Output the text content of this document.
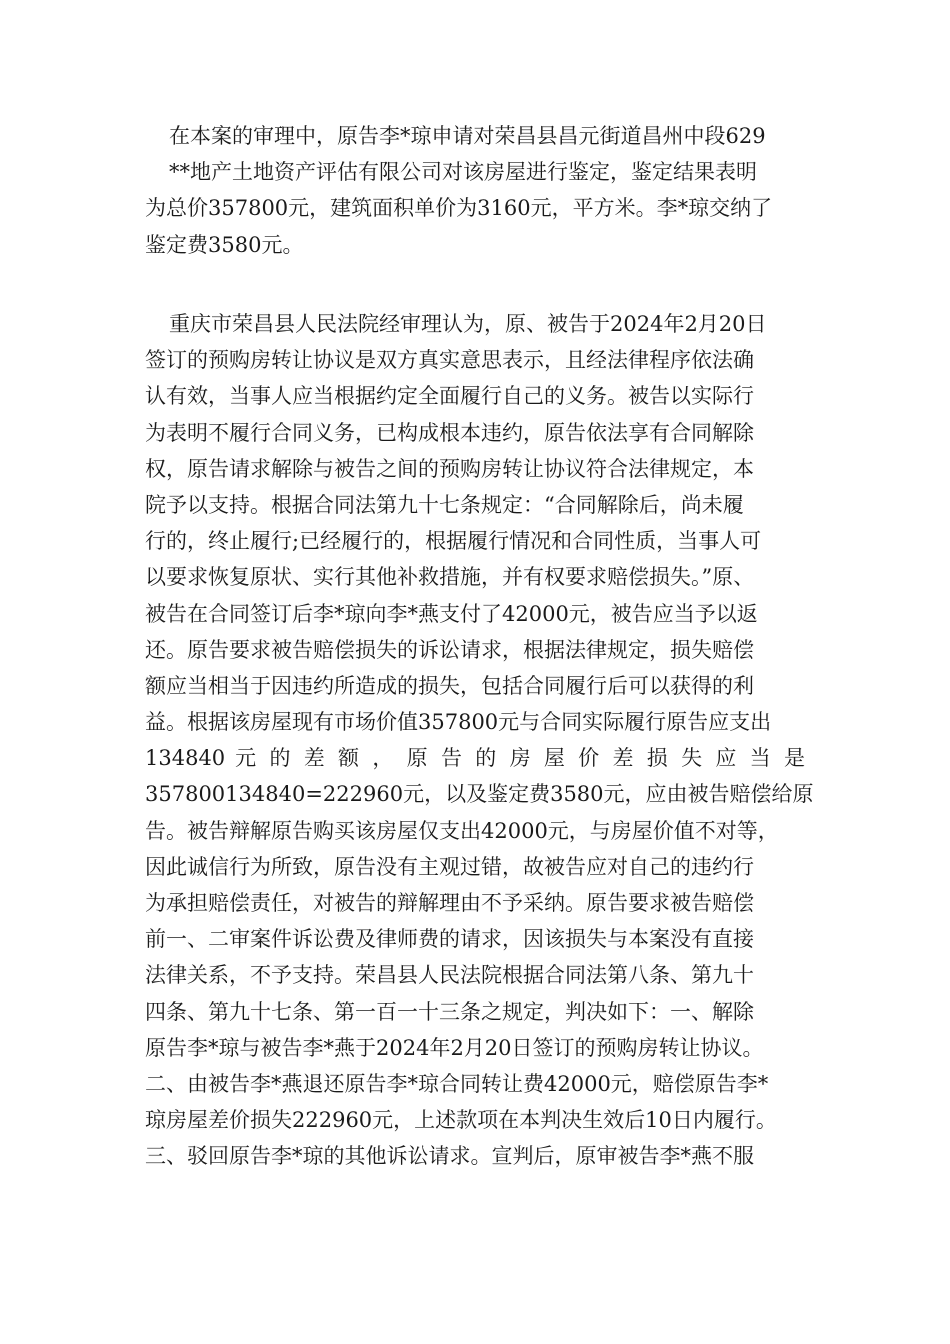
在本案的审理中，原告李*琼申请对荣昌县昌元街道昌州中段629
**地产土地资产评估有限公司对该房屋进行鉴定，鉴定结果表明
为总价357800元，建筑面积单价为3160元，平方米。李*琼交纳了
鉴定费3580元。
重庆市荣昌县人民法院经审理认为，原、被告于2024年2月20日
签订的预购房转让协议是双方真实意思表示，且经法律程序依法确
认有效，当事人应当根据约定全面履行自己的义务。被告以实际行
为表明不履行合同义务，已构成根本违约，原告依法享有合同解除
权，原告请求解除与被告之间的预购房转让协议符合法律规定，本
院予以支持。根据合同法第九十七条规定：“合同解除后，尚未履
行的，终止履行;已经履行的，根据履行情况和合同性质，当事人可
以要求恢复原状、实行其他补救措施，并有权要求赔偿损失。”原、
被告在合同签订后李*琼向李*燕支付了42000元，被告应当予以返
还。原告要求被告赔偿损失的诉讼请求，根据法律规定，损失赔偿
额应当相当于因违约所造成的损失，包括合同履行后可以获得的利
益。根据该房屋现有市场价值357800元与合同实际履行原告应支出
134840 元 的 差 额 ， 原 告 的 房 屋 价 差 损 失 应 当 是
357800134840=222960元，以及鉴定费3580元，应由被告赔偿给原
告。被告辩解原告购买该房屋仅支出42000元，与房屋价值不对等，
因此诚信行为所致，原告没有主观过错，故被告应对自己的违约行
为承担赔偿责任，对被告的辩解理由不予采纳。原告要求被告赔偿
前一、二审案件诉讼费及律师费的请求，因该损失与本案没有直接
法律关系，不予支持。荣昌县人民法院根据合同法第八条、第九十
四条、第九十七条、第一百一十三条之规定，判决如下：一、解除
原告李*琼与被告李*燕于2024年2月20日签订的预购房转让协议。
二、由被告李*燕退还原告李*琼合同转让费42000元，赔偿原告李*
琼房屋差价损失222960元，上述款项在本判决生效后10日内履行。
三、驳回原告李*琼的其他诉讼请求。宣判后，原审被告李*燕不服
